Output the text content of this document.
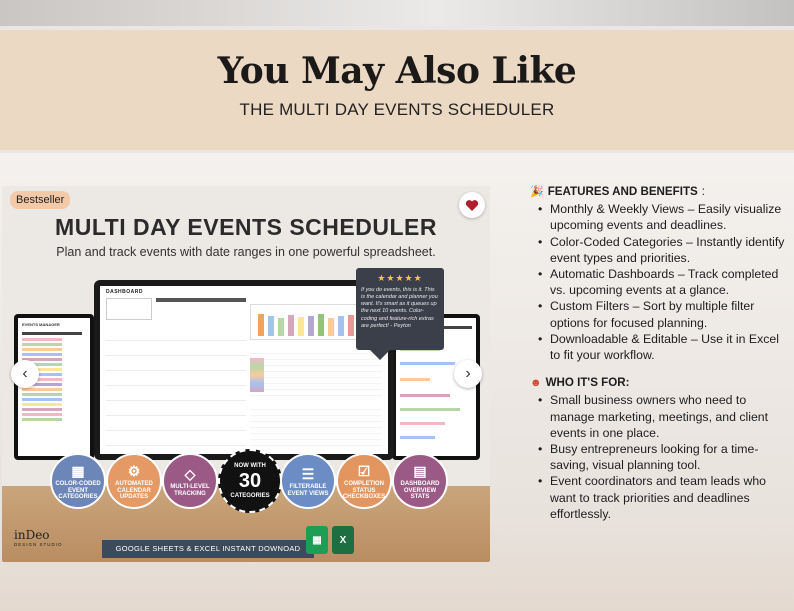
You May Also Like
THE MULTI DAY EVENTS SCHEDULER
Bestseller
MULTI DAY EVENTS SCHEDULER
Plan and track events with date ranges in one powerful spreadsheet.
EVENTS MANAGER
DASHBOARD
★★★★★

If you do events, this is it. This is the calendar and planner you want. It's smart as it queues up the next 10 events. Color-coding and feature-rich extras are perfect! - Peyton

‹	›
▦
COLOR-CODED EVENT CATEGORIES
⚙
AUTOMATED CALENDAR UPDATES
◇
MULTI-LEVEL TRACKING
NOW WITH
30
CATEGORIES
☰
FILTERABLE EVENT VIEWS
☑
COMPLETION STATUS CHECKBOXES
▤
DASHBOARD OVERVIEW STATS
inDeo
DESIGN STUDIO	GOOGLE SHEETS & EXCEL INSTANT DOWNOAD
▦	X
🎉 FEATURES AND BENEFITS :
• Monthly & Weekly Views – Easily visualize upcoming events and deadlines.
• Color-Coded Categories – Instantly identify event types and priorities.
• Automatic Dashboards – Track completed vs. upcoming events at a glance.
• Custom Filters – Sort by multiple filter options for focused planning.
• Downloadable & Editable – Use it in Excel to fit your workflow.
☻ WHO IT'S FOR:
• Small business owners who need to manage marketing, meetings, and client events in one place.
• Busy entrepreneurs looking for a time-saving, visual planning tool.
• Event coordinators and team leads who want to track priorities and deadlines effortlessly.
